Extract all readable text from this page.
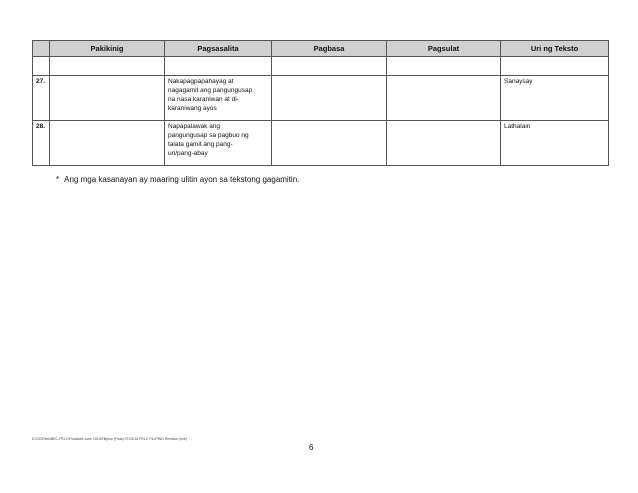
	Pakikinig	Pagsasalita	Pagbasa	Pagsulat	Uri ng Teksto

27.		Nakapagpapahayag at
nagagamit ang pangungusap
na nasa karaniwan at di-
karaniwang ayos			Sanaysay

28.		Napapalawak ang
pangungusap sa pagbuo ng
talata gamit ang pang-
uri/pang-abay			Lathalain
* Ang mga kasanayan ay maaring ulitin ayon sa tekstong gagamitin.
D:\CD\Files\BEC-PELC\Finalized June 2010\Filipino (Final) 07/23/10 PELC FILIPINO Revision (line)
6
